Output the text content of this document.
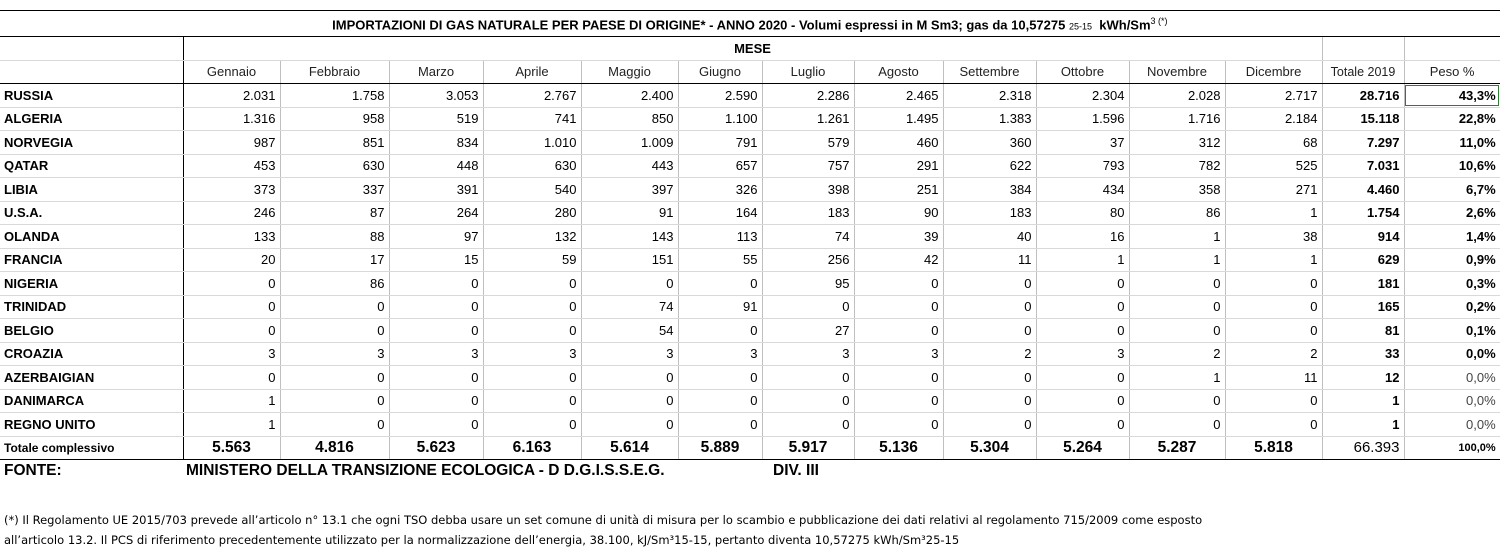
IMPORTAZIONI DI GAS NATURALE PER PAESE DI ORIGINE* - ANNO 2020 - Volumi espressi in M Sm3; gas da 10,57275 25-15 kWh/$Sm^{3 (*)}$
	MESE													
	Gennaio	Febbraio	Marzo	Aprile	Maggio	Giugno	Luglio	Agosto	Settembre	Ottobre	Novembre	Dicembre	Totale 2019	Peso %
RUSSIA	2.031	1.758	3.053	2.767	2.400	2.590	2.286	2.465	2.318	2.304	2.028	2.717	28.716	43,3%
ALGERIA	1.316	958	519	741	850	1.100	1.261	1.495	1.383	1.596	1.716	2.184	15.118	22,8%
NORVEGIA	987	851	834	1.010	1.009	791	579	460	360	37	312	68	7.297	11,0%
QATAR	453	630	448	630	443	657	757	291	622	793	782	525	7.031	10,6%
LIBIA	373	337	391	540	397	326	398	251	384	434	358	271	4.460	6,7%
U.S.A.	246	87	264	280	91	164	183	90	183	80	86	1	1.754	2,6%
OLANDA	133	88	97	132	143	113	74	39	40	16	1	38	914	1,4%
FRANCIA	20	17	15	59	151	55	256	42	11	1	1	1	629	0,9%
NIGERIA	0	86	0	0	0	0	95	0	0	0	0	0	181	0,3%
TRINIDAD	0	0	0	0	74	91	0	0	0	0	0	0	165	0,2%
BELGIO	0	0	0	0	54	0	27	0	0	0	0	0	81	0,1%
CROAZIA	3	3	3	3	3	3	3	3	2	3	2	2	33	0,0%
AZERBAIGIAN	0	0	0	0	0	0	0	0	0	0	1	11	12	0,0%
DANIMARCA	1	0	0	0	0	0	0	0	0	0	0	0	1	0,0%
REGNO UNITO	1	0	0	0	0	0	0	0	0	0	0	0	1	0,0%
Totale complessivo	5.563	4.816	5.623	6.163	5.614	5.889	5.917	5.136	5.304	5.264	5.287	5.818	66.393	100,0%
FONTE:	MINISTERO DELLA TRANSIZIONE ECOLOGICA - D D.G.I.S.S.E.G.	DIV. III

(*) Il Regolamento UE 2015/703 prevede all’articolo n° 13.1 che ogni TSO debba usare un set comune di unità di misura per lo scambio e pubblicazione dei dati relativi al regolamento 715/2009 come esposto

all’articolo 13.2. Il PCS di riferimento precedentemente utilizzato per la normalizzazione dell’energia, 38.100, kJ/Sm³15-15, pertanto diventa 10,57275 kWh/Sm³25-15
